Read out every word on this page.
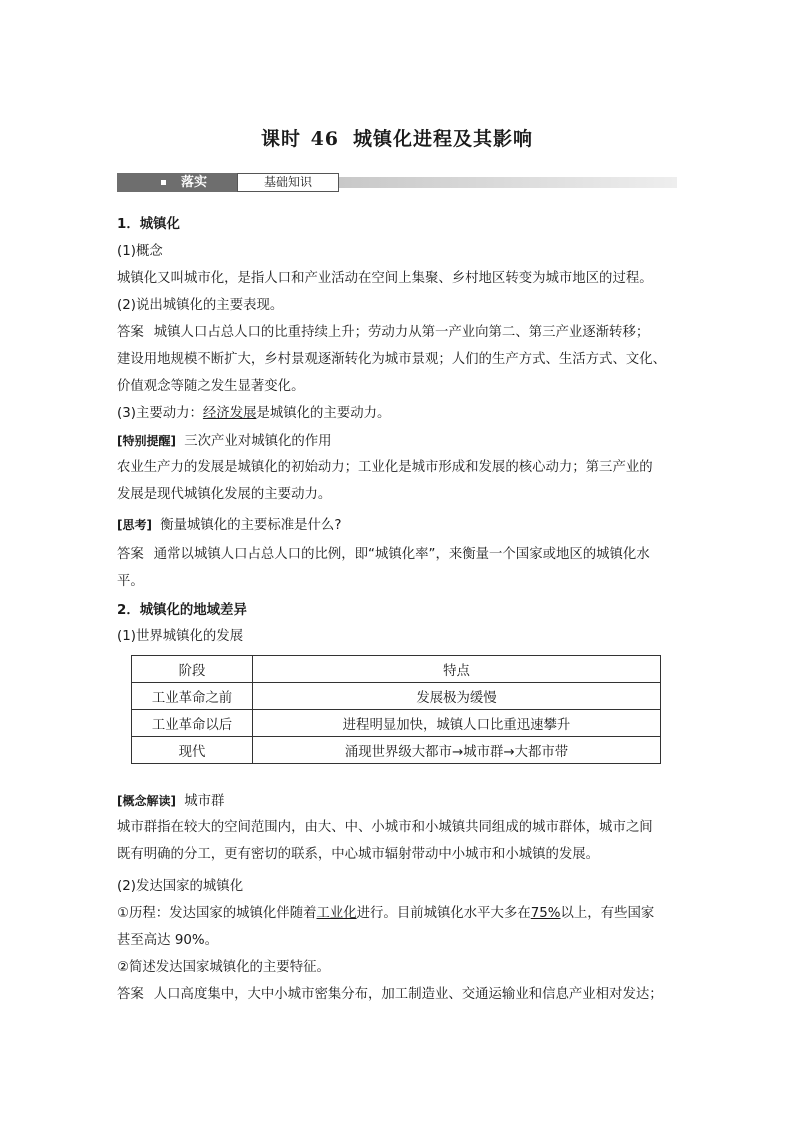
课时 46 城镇化进程及其影响
落实	基础知识
1．城镇化
(1)概念
城镇化又叫城市化，是指人口和产业活动在空间上集聚、乡村地区转变为城市地区的过程。
(2)说出城镇化的主要表现。
答案 城镇人口占总人口的比重持续上升；劳动力从第一产业向第二、第三产业逐渐转移；
建设用地规模不断扩大，乡村景观逐渐转化为城市景观；人们的生产方式、生活方式、文化、
价值观念等随之发生显著变化。
(3)主要动力：经济发展是城镇化的主要动力。
[特别提醒] 三次产业对城镇化的作用
农业生产力的发展是城镇化的初始动力；工业化是城市形成和发展的核心动力；第三产业的
发展是现代城镇化发展的主要动力。
[思考] 衡量城镇化的主要标准是什么?
答案 通常以城镇人口占总人口的比例，即“城镇化率”，来衡量一个国家或地区的城镇化水
平。
2．城镇化的地域差异
(1)世界城镇化的发展
阶段	特点
工业革命之前	发展极为缓慢
工业革命以后	进程明显加快，城镇人口比重迅速攀升
现代	涌现世界级大都市→城市群→大都市带
[概念解读] 城市群
城市群指在较大的空间范围内，由大、中、小城市和小城镇共同组成的城市群体，城市之间
既有明确的分工，更有密切的联系，中心城市辐射带动中小城市和小城镇的发展。
(2)发达国家的城镇化
①历程：发达国家的城镇化伴随着工业化进行。目前城镇化水平大多在75%以上，有些国家
甚至高达 90%。
②简述发达国家城镇化的主要特征。
答案 人口高度集中，大中小城市密集分布，加工制造业、交通运输业和信息产业相对发达；
